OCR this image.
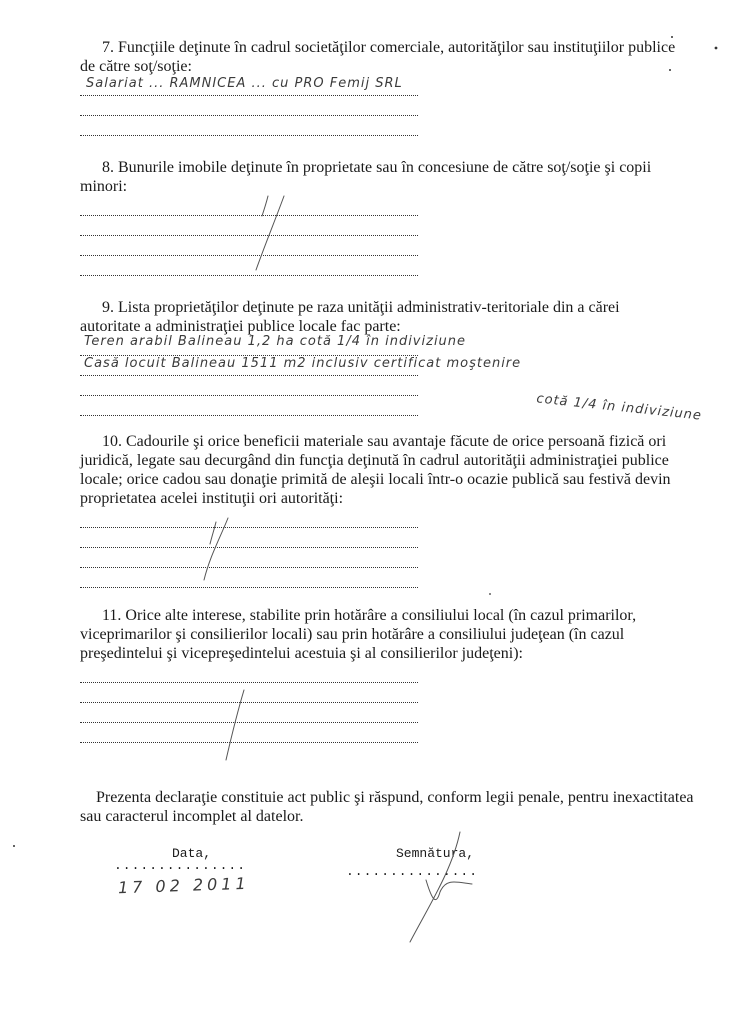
7. Funcţiile deţinute în cadrul societăţilor comerciale, autorităţilor sau instituţiilor publice de către soţ/soţie:

Salariat ... RAMNICEA ... cu PRO Femij SRL

8. Bunurile imobile deţinute în proprietate sau în concesiune de către soţ/soţie şi copii minori:

9. Lista proprietăţilor deţinute pe raza unităţii administrativ-teritoriale din a cărei autoritate a administraţiei publice locale fac parte:

Teren arabil Balineau 1,2 ha cotă 1/4 în indiviziune
Casă locuit Balineau 1511 m2 inclusiv certificat moştenire
cotă 1/4 în indiviziune

10. Cadourile şi orice beneficii materiale sau avantaje făcute de orice persoană fizică ori juridică, legate sau decurgând din funcţia deţinută în cadrul autorităţii administraţiei publice locale; orice cadou sau donaţie primită de aleşii locali într-o ocazie publică sau festivă devin proprietatea acelei instituţii ori autorităţi:

11. Orice alte interese, stabilite prin hotărâre a consiliului local (în cazul primarilor, viceprimarilor şi consilierilor locali) sau prin hotărâre a consiliului judeţean (în cazul preşedintelui şi vicepreşedintelui acestuia şi al consilierilor judeţeni):

Prezenta declaraţie constituie act public şi răspund, conform legii penale, pentru inexactitatea sau caracterul incomplet al datelor.

Data,
...............
17 02 2011
Semnătura,
...............
